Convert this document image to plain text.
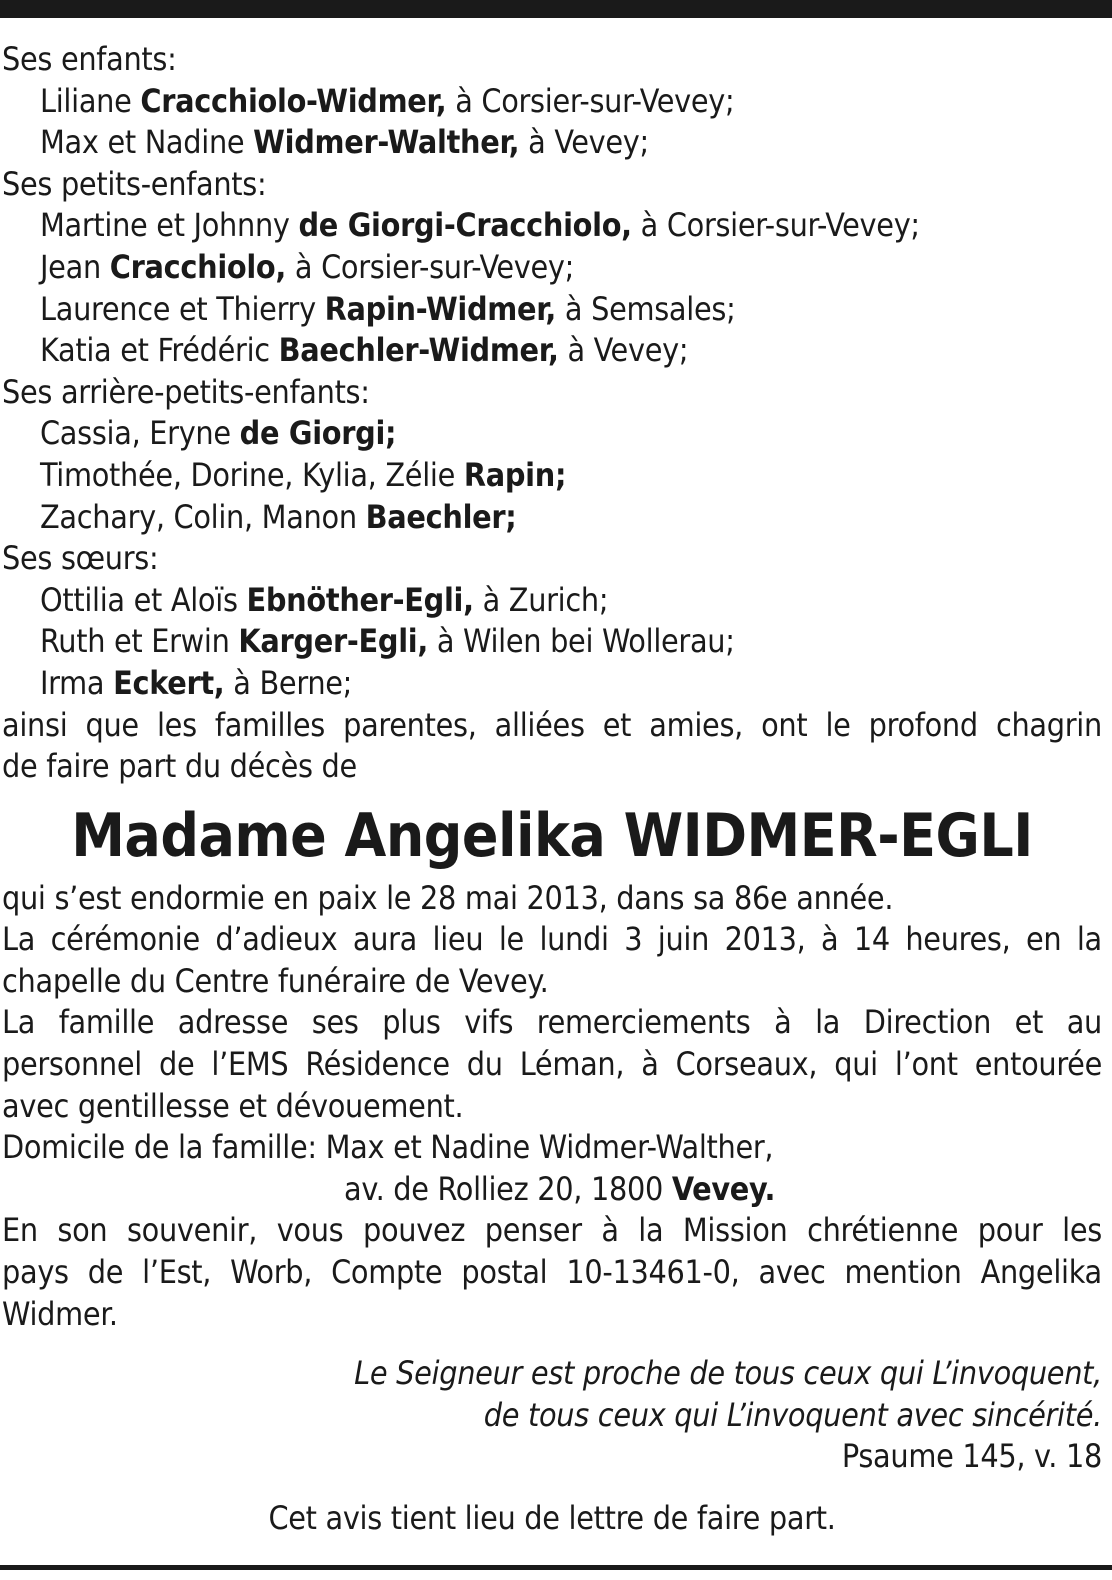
Ses enfants:
Liliane Cracchiolo-Widmer, à Corsier-sur-Vevey;
Max et Nadine Widmer-Walther, à Vevey;
Ses petits-enfants:
Martine et Johnny de Giorgi-Cracchiolo, à Corsier-sur-Vevey;
Jean Cracchiolo, à Corsier-sur-Vevey;
Laurence et Thierry Rapin-Widmer, à Semsales;
Katia et Frédéric Baechler-Widmer, à Vevey;
Ses arrière-petits-enfants:
Cassia, Eryne de Giorgi;
Timothée, Dorine, Kylia, Zélie Rapin;
Zachary, Colin, Manon Baechler;
Ses sœurs:
Ottilia et Aloïs Ebnöther-Egli, à Zurich;
Ruth et Erwin Karger-Egli, à Wilen bei Wollerau;
Irma Eckert, à Berne;
ainsi que les familles parentes, alliées et amies, ont le profond chagrin
de faire part du décès de
Madame Angelika WIDMER-EGLI
qui s’est endormie en paix le 28 mai 2013, dans sa 86e année.
La cérémonie d’adieux aura lieu le lundi 3 juin 2013, à 14 heures, en la
chapelle du Centre funéraire de Vevey.
La famille adresse ses plus vifs remerciements à la Direction et au
personnel de l’EMS Résidence du Léman, à Corseaux, qui l’ont entourée
avec gentillesse et dévouement.
Domicile de la famille: Max et Nadine Widmer-Walther,
av. de Rolliez 20, 1800 Vevey.
En son souvenir, vous pouvez penser à la Mission chrétienne pour les
pays de l’Est, Worb, Compte postal 10-13461-0, avec mention Angelika
Widmer.
Le Seigneur est proche de tous ceux qui L’invoquent,
de tous ceux qui L’invoquent avec sincérité.
Psaume 145, v. 18
Cet avis tient lieu de lettre de faire part.
